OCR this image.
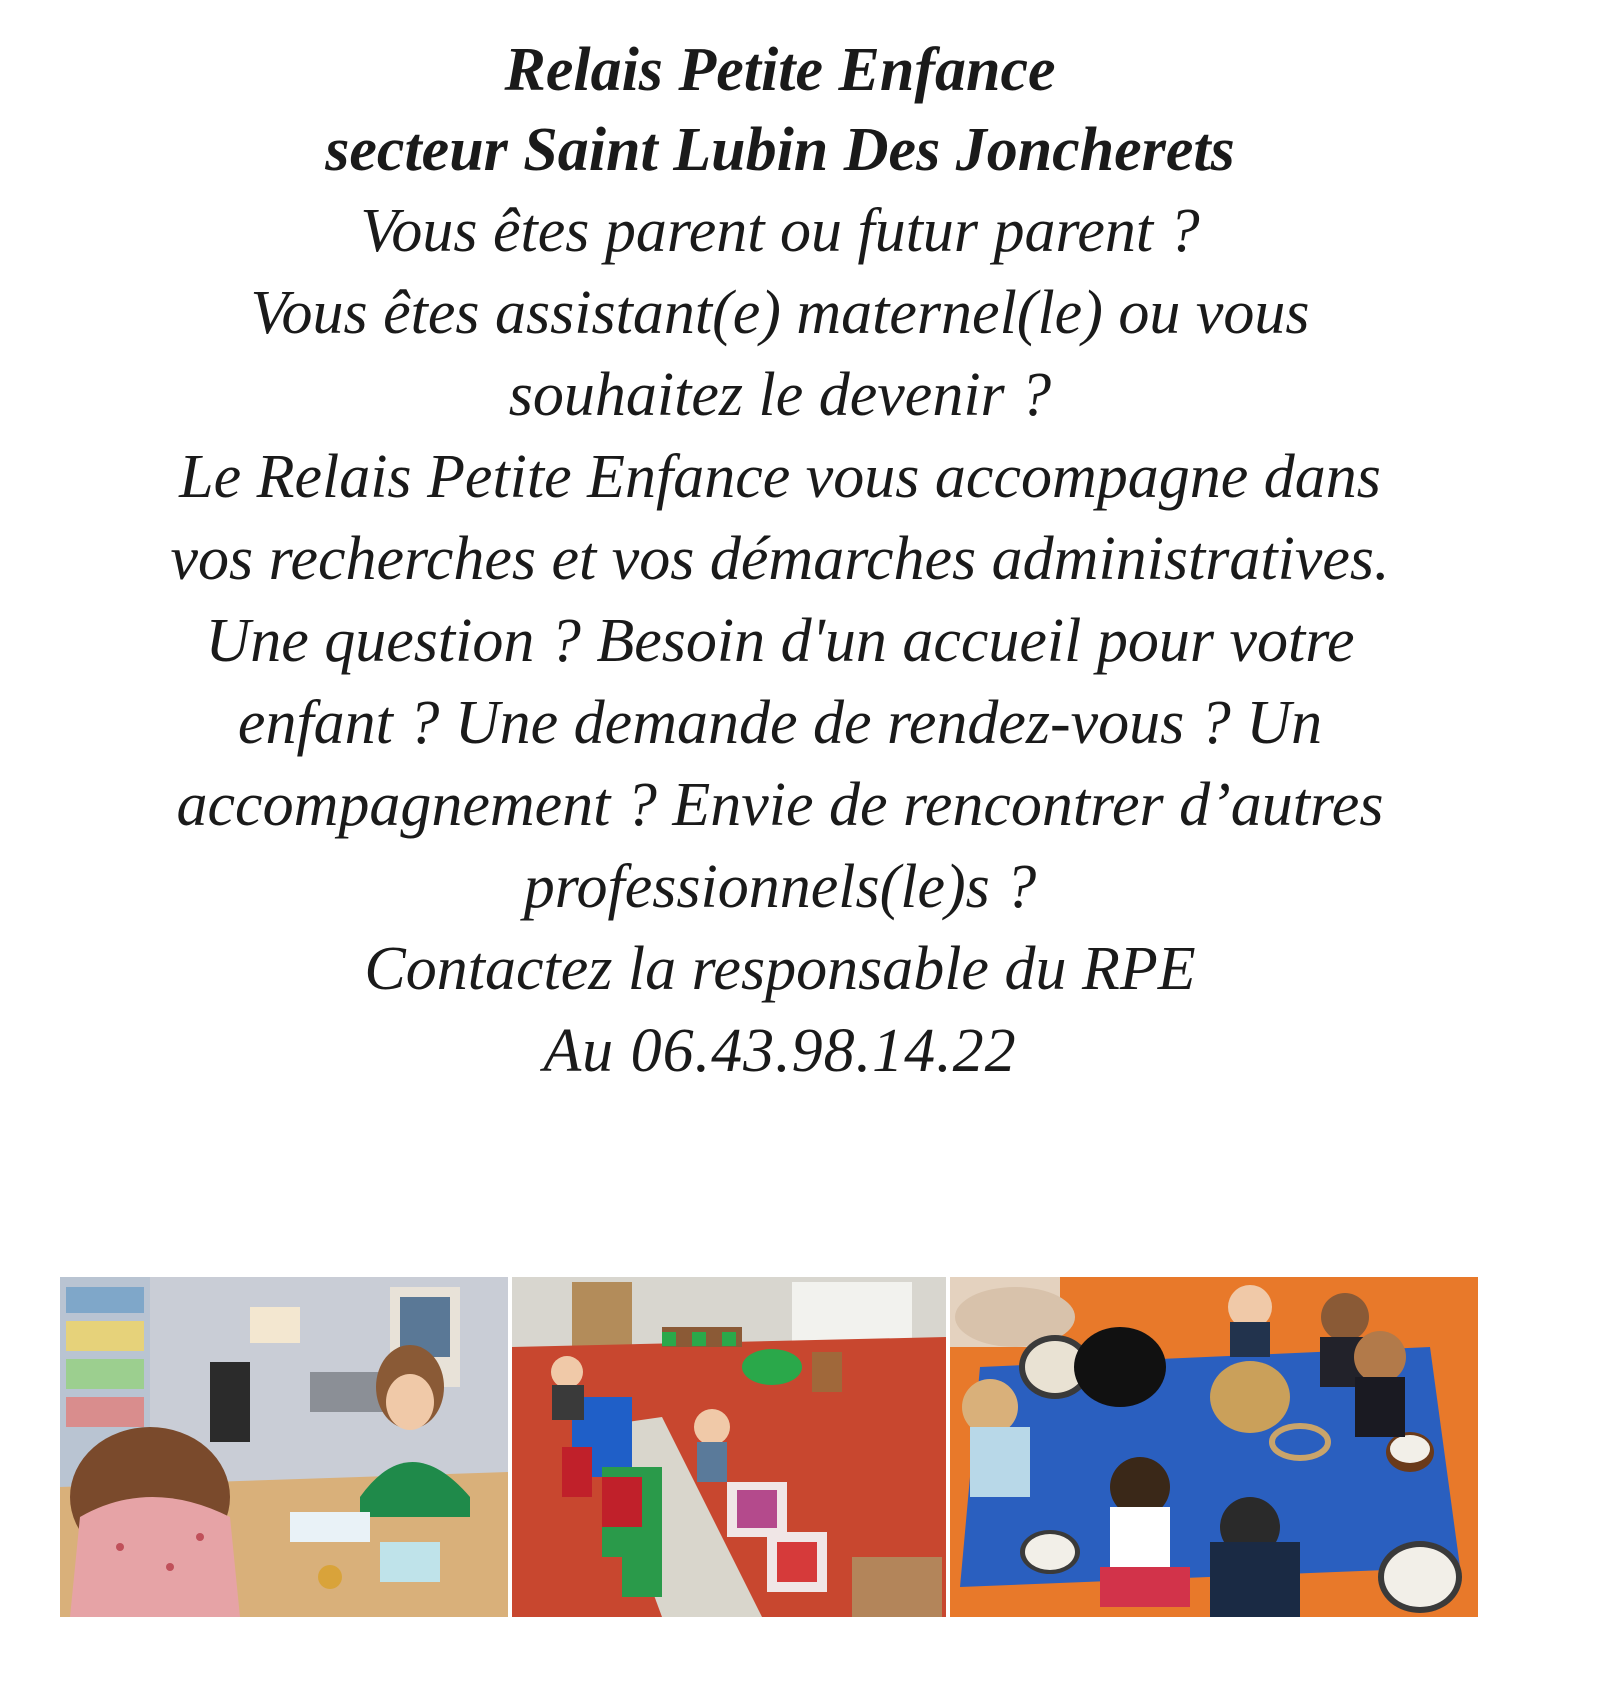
Relais Petite Enfance

secteur Saint Lubin Des Joncherets

Vous êtes parent ou futur parent ?

Vous êtes assistant(e) maternel(le) ou vous

souhaitez le devenir ?

Le Relais Petite Enfance vous accompagne dans

vos recherches et vos démarches administratives.

Une question ? Besoin d'un accueil pour votre

enfant ? Une demande de rendez-vous ? Un

accompagnement ? Envie de rencontrer d’autres

professionnels(le)s ?

Contactez la responsable du RPE

Au 06.43.98.14.22
